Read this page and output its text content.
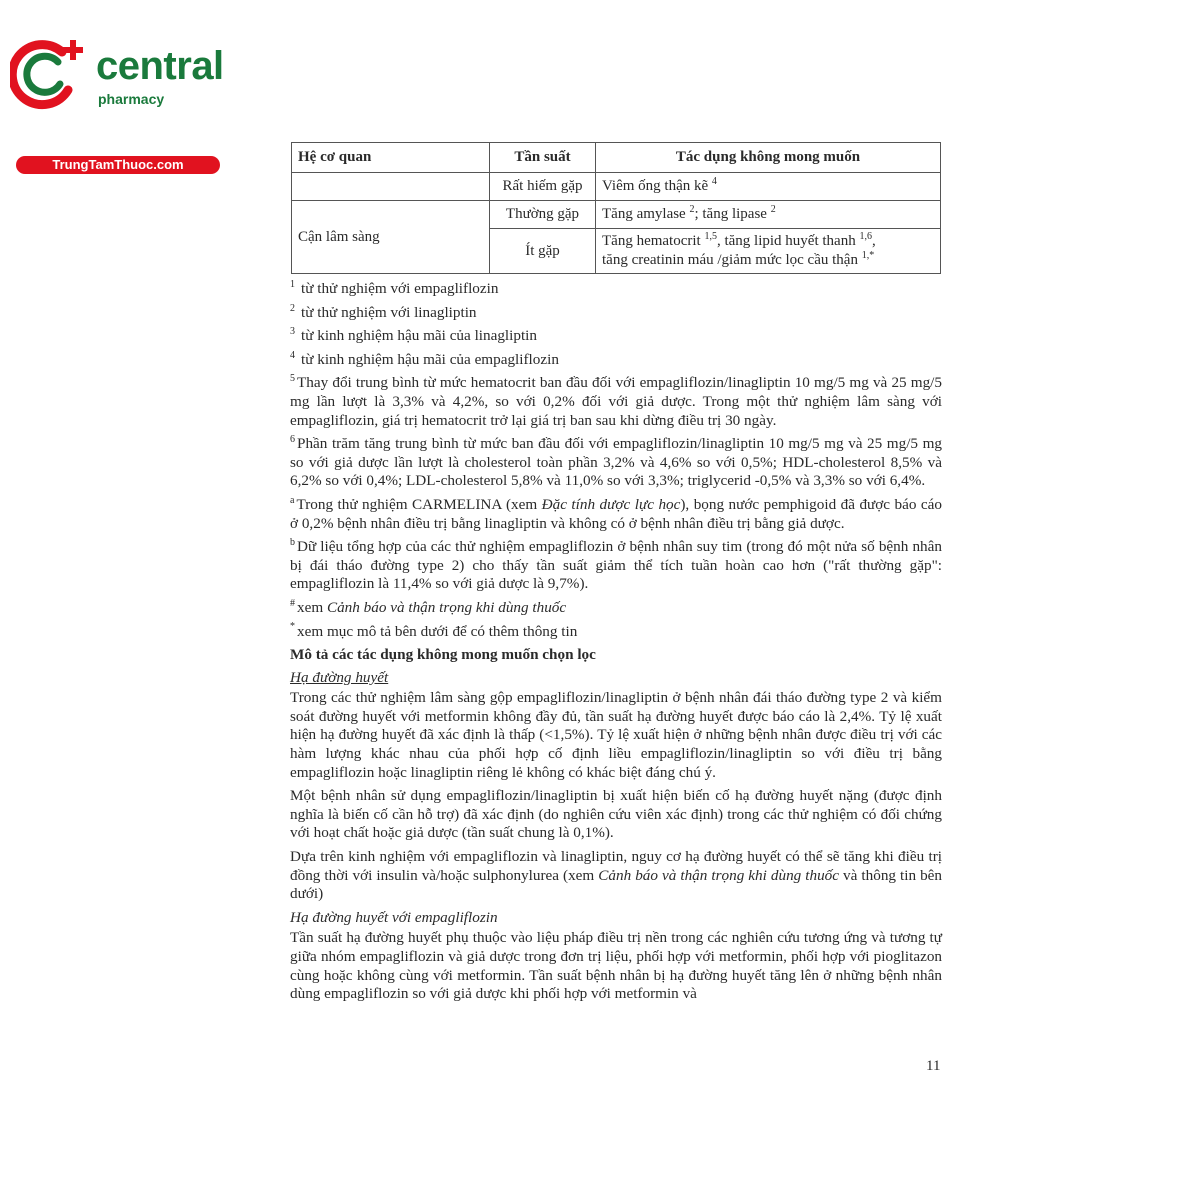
central
pharmacy
TrungTamThuoc.com	Hệ cơ quan	Tần suất	Tác dụng không mong muốn
	Rất hiếm gặp	Viêm ống thận kẽ $^4$
Cận lâm sàng	Thường gặp	Tăng amylase $^2$; tăng lipase $^2$
	Ít gặp	Tăng hematocrit $^{1,5}$, tăng lipid huyết thanh $^{1,6}$,
tăng creatinin máu /giảm mức lọc cầu thận $^{1,*}$

$^1$ từ thử nghiệm với empagliflozin

$^2$ từ thử nghiệm với linagliptin

$^3$ từ kinh nghiệm hậu mãi của linagliptin

$^4$ từ kinh nghiệm hậu mãi của empagliflozin

$^5$ Thay đổi trung bình từ mức hematocrit ban đầu đối với empagliflozin/linagliptin 10 mg/5 mg và 25 mg/5 mg lần lượt là 3,3% và 4,2%, so với 0,2% đối với giả dược. Trong một thử nghiệm lâm sàng với empagliflozin, giá trị hematocrit trở lại giá trị ban sau khi dừng điều trị 30 ngày.

$^6$ Phần trăm tăng trung bình từ mức ban đầu đối với empagliflozin/linagliptin 10 mg/5 mg và 25 mg/5 mg so với giả dược lần lượt là cholesterol toàn phần 3,2% và 4,6% so với 0,5%; HDL-cholesterol 8,5% và 6,2% so với 0,4%; LDL-cholesterol 5,8% và 11,0% so với 3,3%; triglycerid -0,5% và 3,3% so với 6,4%.

$^a$ Trong thử nghiệm CARMELINA (xem Đặc tính dược lực học), bọng nước pemphigoid đã được báo cáo ở 0,2% bệnh nhân điều trị bằng linagliptin và không có ở bệnh nhân điều trị bằng giả dược.

$^b$ Dữ liệu tổng hợp của các thử nghiệm empagliflozin ở bệnh nhân suy tim (trong đó một nửa số bệnh nhân bị đái tháo đường type 2) cho thấy tần suất giảm thể tích tuần hoàn cao hơn ("rất thường gặp": empagliflozin là 11,4% so với giả dược là 9,7%).

# xem Cảnh báo và thận trọng khi dùng thuốc

* xem mục mô tả bên dưới để có thêm thông tin

Mô tả các tác dụng không mong muốn chọn lọc

Hạ đường huyết

Trong các thử nghiệm lâm sàng gộp empagliflozin/linagliptin ở bệnh nhân đái tháo đường type 2 và kiểm soát đường huyết với metformin không đầy đủ, tần suất hạ đường huyết được báo cáo là 2,4%. Tỷ lệ xuất hiện hạ đường huyết đã xác định là thấp (<1,5%). Tỷ lệ xuất hiện ở những bệnh nhân được điều trị với các hàm lượng khác nhau của phối hợp cố định liều empagliflozin/linagliptin so với điều trị bằng empagliflozin hoặc linagliptin riêng lẻ không có khác biệt đáng chú ý.

Một bệnh nhân sử dụng empagliflozin/linagliptin bị xuất hiện biến cố hạ đường huyết nặng (được định nghĩa là biến cố cần hỗ trợ) đã xác định (do nghiên cứu viên xác định) trong các thử nghiệm có đối chứng với hoạt chất hoặc giả dược (tần suất chung là 0,1%).

Dựa trên kinh nghiệm với empagliflozin và linagliptin, nguy cơ hạ đường huyết có thể sẽ tăng khi điều trị đồng thời với insulin và/hoặc sulphonylurea (xem Cảnh báo và thận trọng khi dùng thuốc và thông tin bên dưới)

Hạ đường huyết với empagliflozin

Tần suất hạ đường huyết phụ thuộc vào liệu pháp điều trị nền trong các nghiên cứu tương ứng và tương tự giữa nhóm empagliflozin và giả dược trong đơn trị liệu, phối hợp với metformin, phối hợp với pioglitazon cùng hoặc không cùng với metformin. Tần suất bệnh nhân bị hạ đường huyết tăng lên ở những bệnh nhân dùng empagliflozin so với giả dược khi phối hợp với metformin và

11
